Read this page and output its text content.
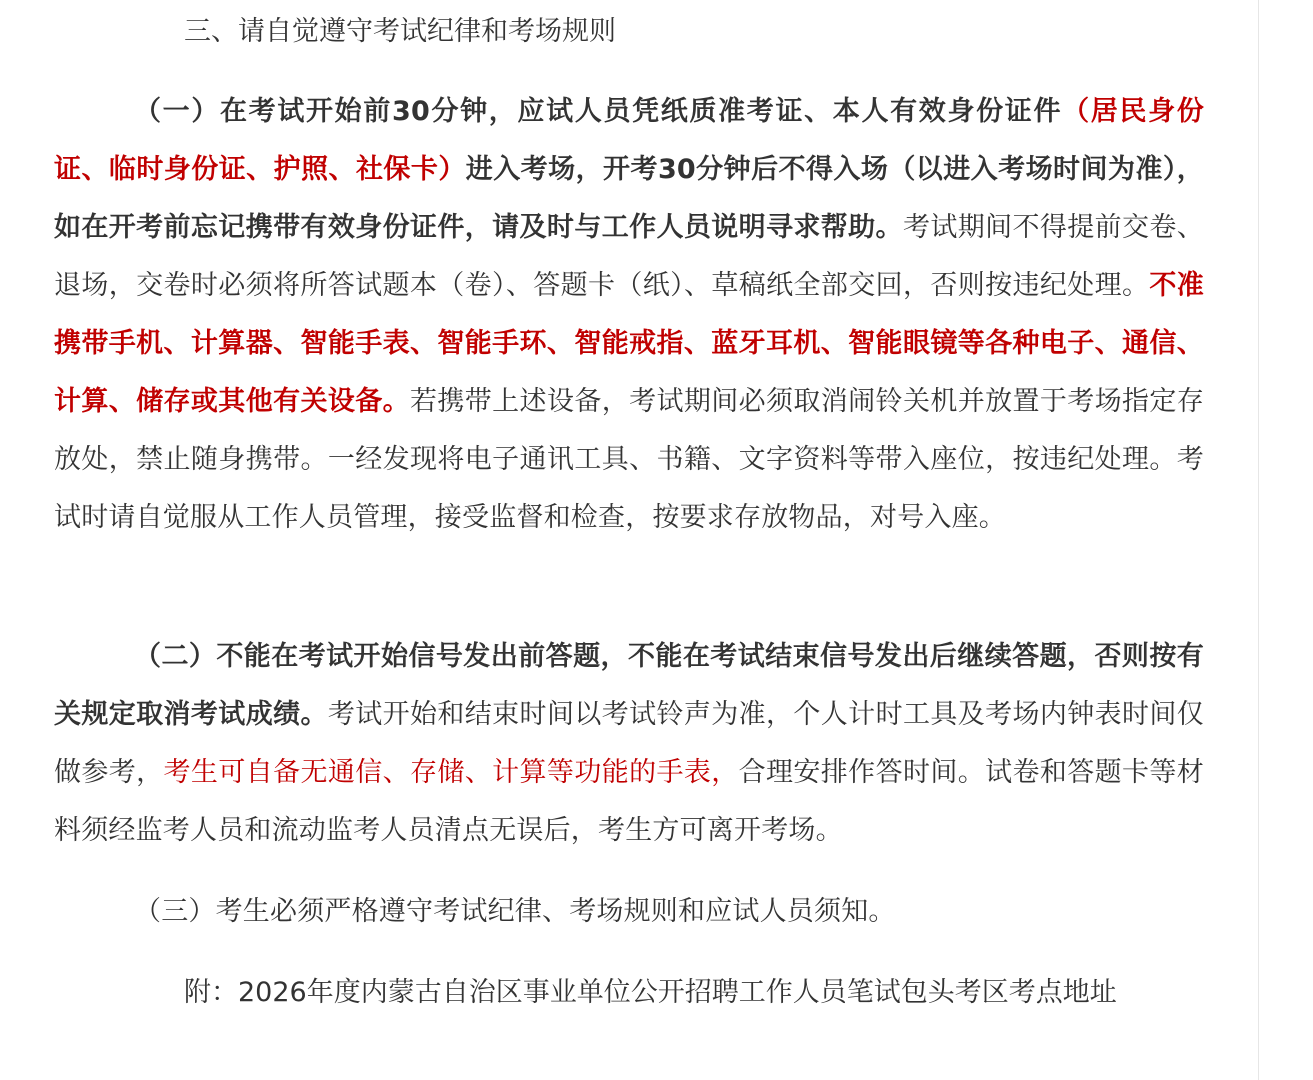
三、请自觉遵守考试纪律和考场规则

（一）在考试开始前30分钟，应试人员凭纸质准考证、本人有效身份证件（居民身份证、临时身份证、护照、社保卡）进入考场，开考30分钟后不得入场（以进入考场时间为准），如在开考前忘记携带有效身份证件，请及时与工作人员说明寻求帮助。考试期间不得提前交卷、退场，交卷时必须将所答试题本（卷）、答题卡（纸）、草稿纸全部交回，否则按违纪处理。不准携带手机、计算器、智能手表、智能手环、智能戒指、蓝牙耳机、智能眼镜等各种电子、通信、计算、储存或其他有关设备。若携带上述设备，考试期间必须取消闹铃关机并放置于考场指定存放处，禁止随身携带。一经发现将电子通讯工具、书籍、文字资料等带入座位，按违纪处理。考试时请自觉服从工作人员管理，接受监督和检查，按要求存放物品，对号入座。

（二）不能在考试开始信号发出前答题，不能在考试结束信号发出后继续答题，否则按有关规定取消考试成绩。考试开始和结束时间以考试铃声为准，个人计时工具及考场内钟表时间仅做参考，考生可自备无通信、存储、计算等功能的手表，合理安排作答时间。试卷和答题卡等材料须经监考人员和流动监考人员清点无误后，考生方可离开考场。

（三）考生必须严格遵守考试纪律、考场规则和应试人员须知。

附：2026年度内蒙古自治区事业单位公开招聘工作人员笔试包头考区考点地址
